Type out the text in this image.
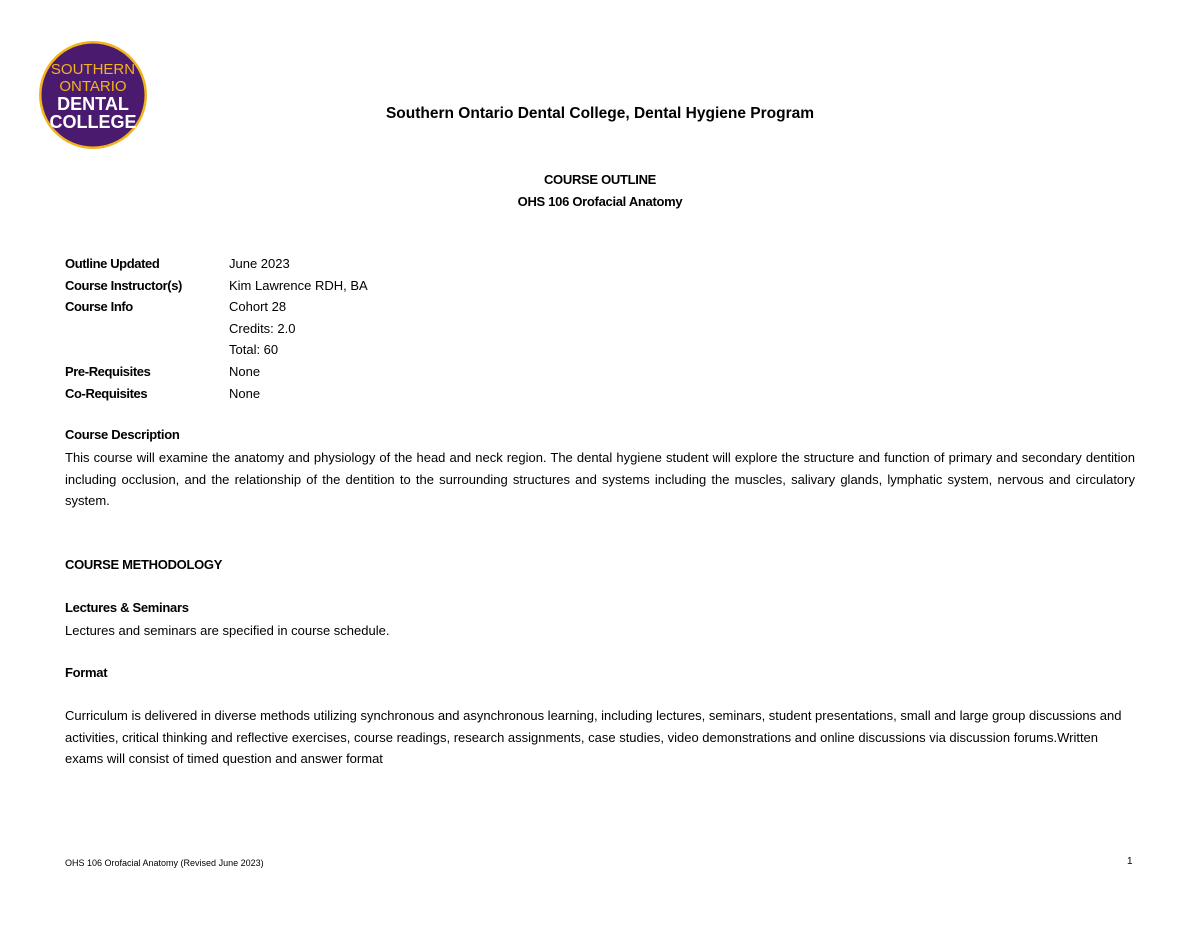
SOUTHERN
ONTARIO
DENTAL
COLLEGE	Southern Ontario Dental College, Dental Hygiene Program
COURSE OUTLINE
OHS 106 Orofacial Anatomy
Outline Updated	June 2023
Course Instructor(s)	Kim Lawrence RDH, BA
Course Info	Cohort 28
Credits: 2.0
Total: 60
Pre-Requisites	None
Co-Requisites	None
Course Description
This course will examine the anatomy and physiology of the head and neck region. The dental hygiene student will explore the structure and function of primary and secondary dentition including occlusion, and the relationship of the dentition to the surrounding structures and systems including the muscles, salivary glands, lymphatic system, nervous and circulatory system.
COURSE METHODOLOGY
Lectures & Seminars
Lectures and seminars are specified in course schedule.
Format
Curriculum is delivered in diverse methods utilizing synchronous and asynchronous learning, including lectures, seminars, student presentations, small and large group discussions and activities, critical thinking and reflective exercises, course readings, research assignments, case studies, video demonstrations and online discussions via discussion forums.Written exams will consist of timed question and answer format
OHS 106 Orofacial Anatomy (Revised June 2023)	1
